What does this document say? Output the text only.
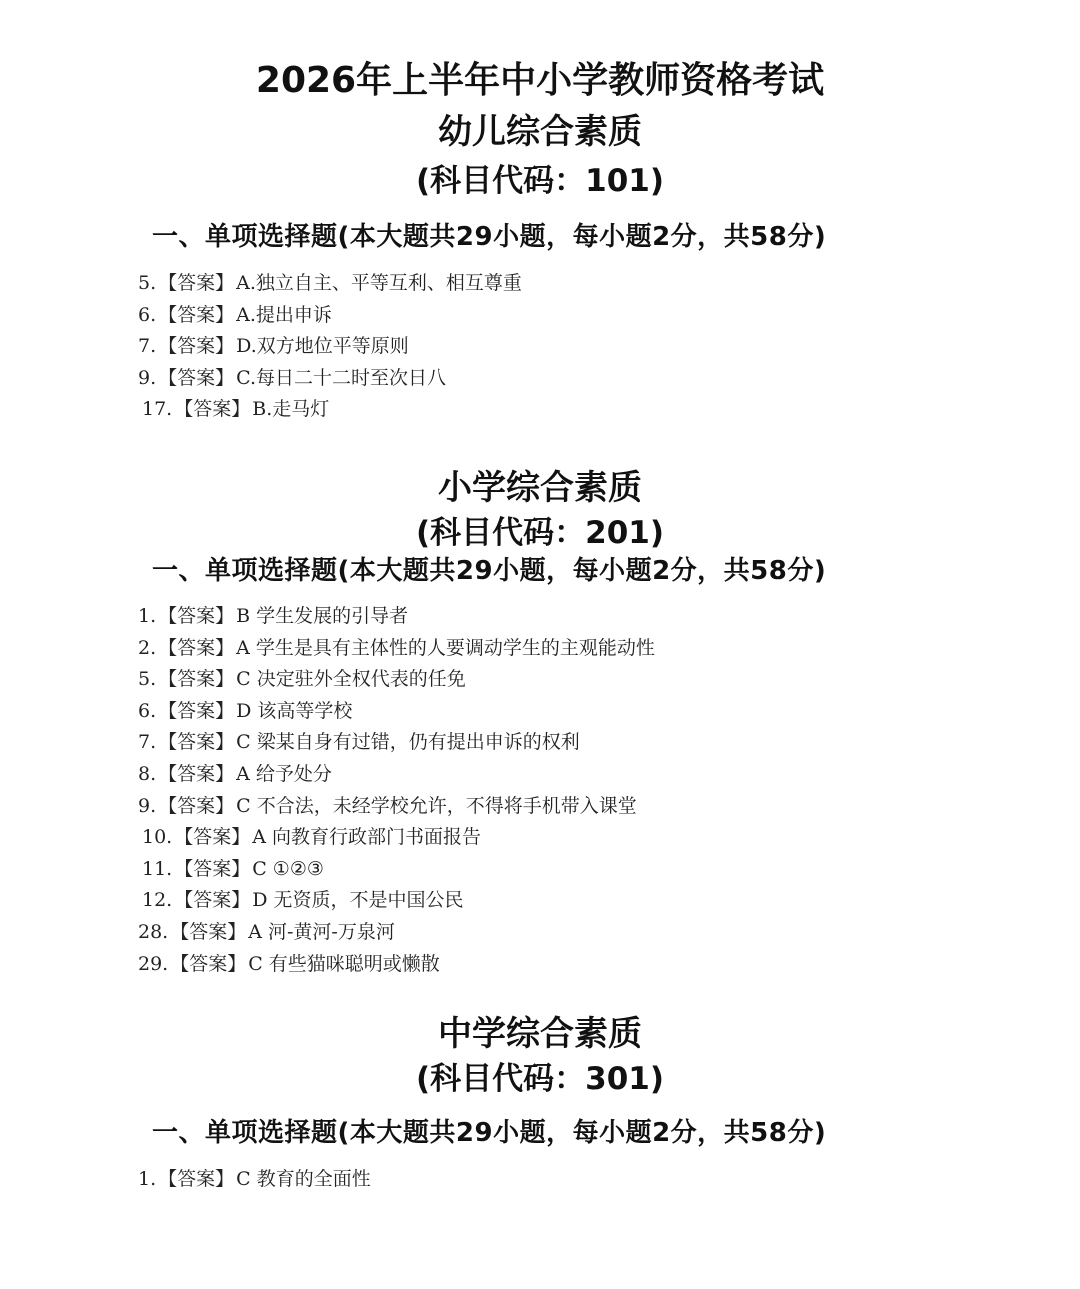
2026年上半年中小学教师资格考试
幼儿综合素质
(科目代码：101)
一、单项选择题(本大题共29小题，每小题2分，共58分)
5. 【答案】 A.独立自主、平等互利、相互尊重
6. 【答案】 A.提出申诉
7. 【答案】 D.双方地位平等原则
9. 【答案】 C.每日二十二时至次日八
17. 【答案】 B.走马灯
小学综合素质
(科目代码：201)
一、单项选择题(本大题共29小题，每小题2分，共58分)
1. 【答案】 B 学生发展的引导者
2. 【答案】 A 学生是具有主体性的人要调动学生的主观能动性
5. 【答案】 C 决定驻外全权代表的任免
6. 【答案】 D 该高等学校
7. 【答案】 C 梁某自身有过错，仍有提出申诉的权利
8. 【答案】 A 给予处分
9. 【答案】 C 不合法，未经学校允许，不得将手机带入课堂
10. 【答案】 A 向教育行政部门书面报告
11. 【答案】 C ①②③
12. 【答案】 D 无资质，不是中国公民
28. 【答案】 A 河-黄河-万泉河
29. 【答案】 C 有些猫咪聪明或懒散
中学综合素质
(科目代码：301)
一、单项选择题(本大题共29小题，每小题2分，共58分)
1. 【答案】 C 教育的全面性
